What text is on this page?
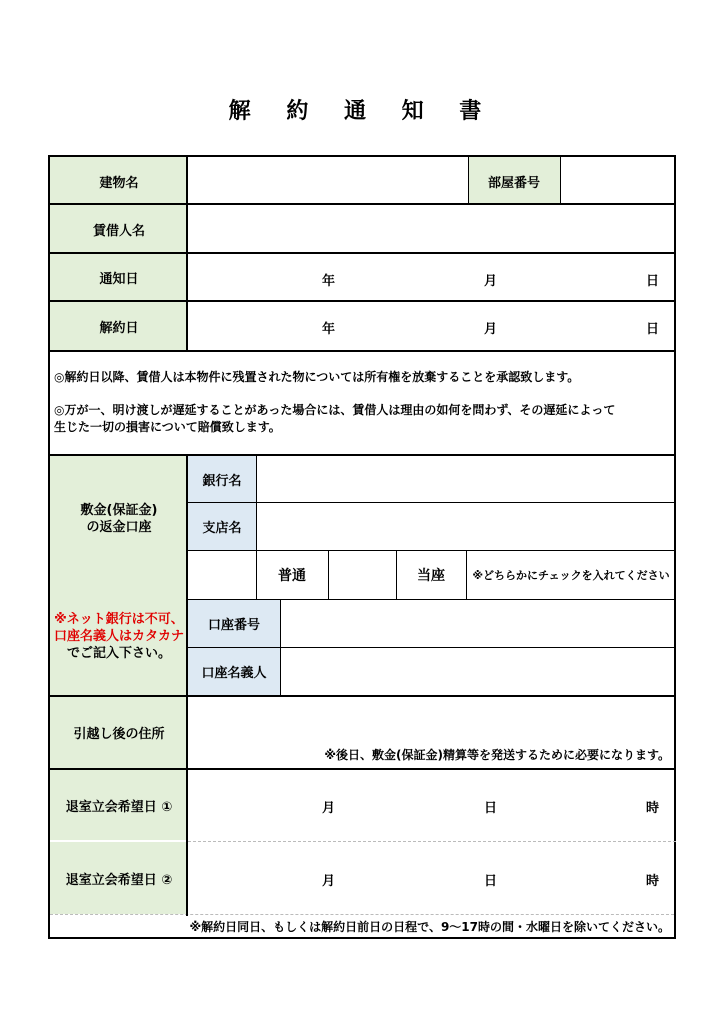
解 約 通 知 書
建物名	部屋番号
賃借人名
通知日	年	月	日
解約日	年	月	日
◎解約日以降、賃借人は本物件に残置された物については所有権を放棄することを承認致します。
◎万が一、明け渡しが遅延することがあった場合には、賃借人は理由の如何を問わず、その遅延によって
生じた一切の損害について賠償致します。
敷金(保証金)
の返金口座
※ネット銀行は不可、
口座名義人はカタカナ
でご記入下さい。
銀行名
支店名
普通	当座	※どちらかにチェックを入れてください
口座番号
口座名義人
引越し後の住所
※後日、敷金(保証金)精算等を発送するために必要になります。
退室立会希望日 ①	月	日	時
退室立会希望日 ②	月	日	時
※解約日同日、もしくは解約日前日の日程で、9～17時の間・水曜日を除いてください。
